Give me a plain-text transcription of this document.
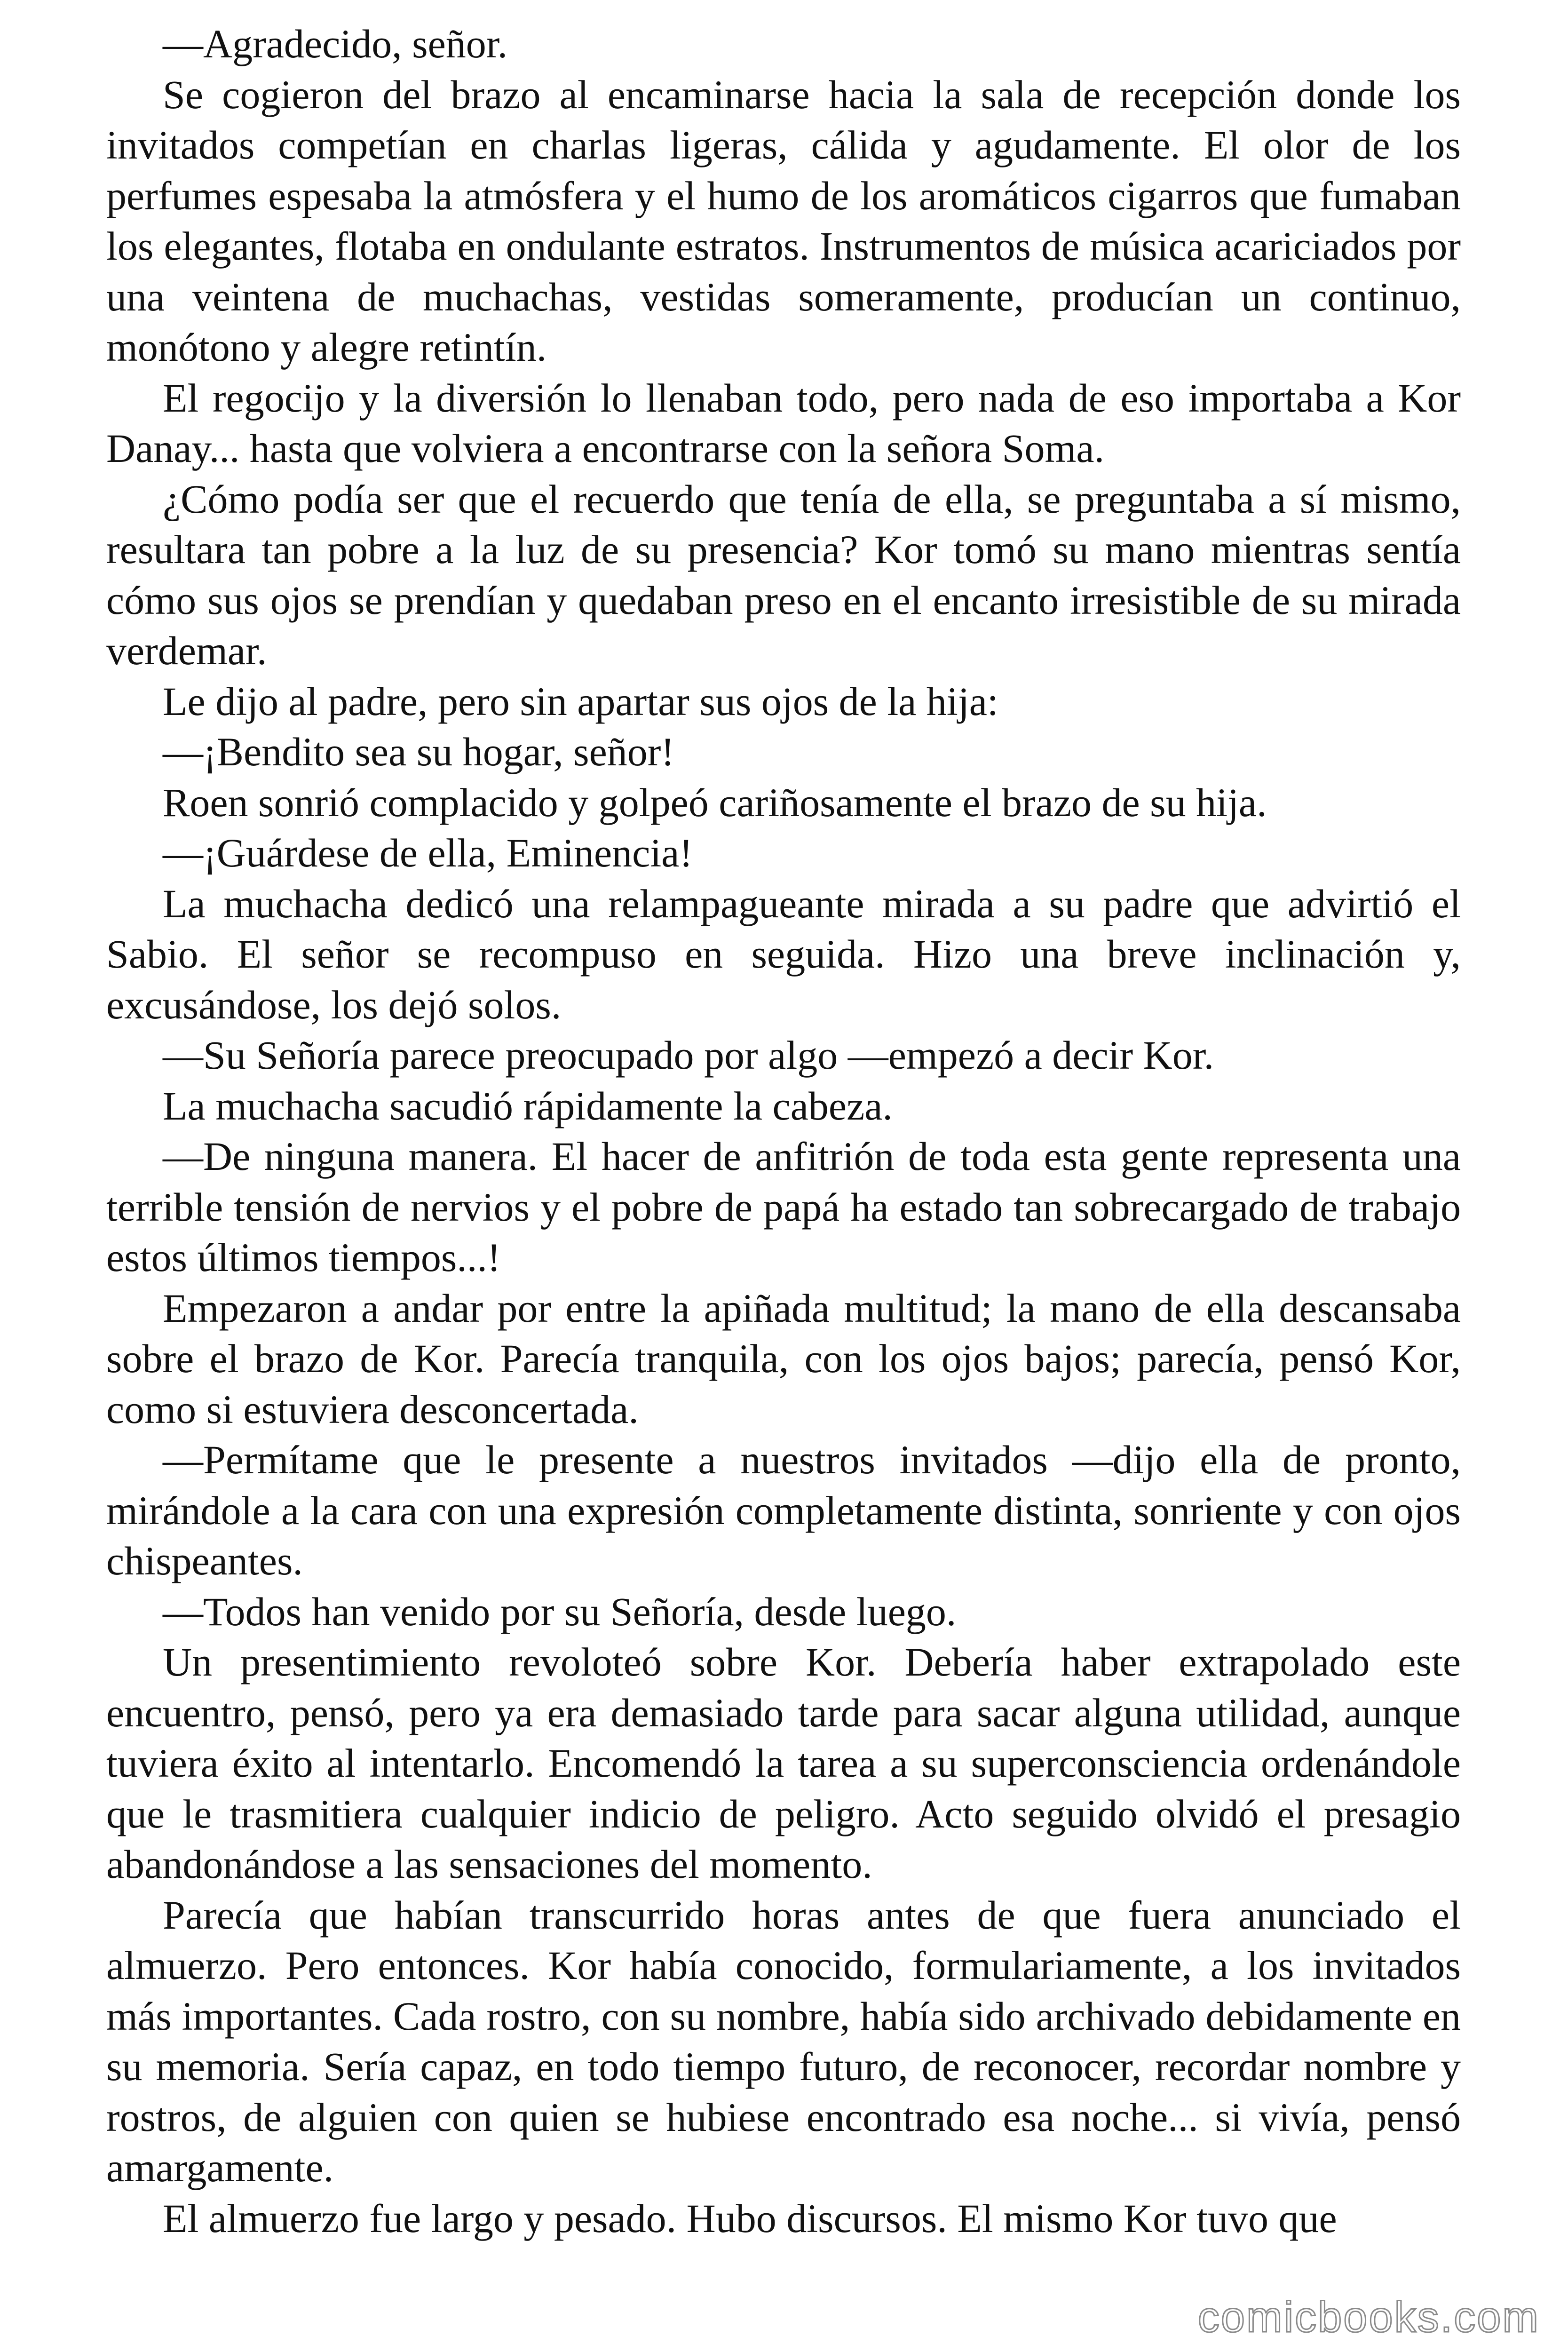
—Agradecido, señor.

Se cogieron del brazo al encaminarse hacia la sala de recepción donde los invitados competían en charlas ligeras, cálida y agudamente. El olor de los perfumes espesaba la atmósfera y el humo de los aromáticos cigarros que fumaban los elegantes, flotaba en ondulante estratos. Instrumentos de música acariciados por una veintena de muchachas, vestidas someramente, producían un continuo, monótono y alegre retintín.

El regocijo y la diversión lo llenaban todo, pero nada de eso importaba a Kor Danay... hasta que volviera a encontrarse con la señora Soma.

¿Cómo podía ser que el recuerdo que tenía de ella, se preguntaba a sí mismo, resultara tan pobre a la luz de su presencia? Kor tomó su mano mientras sentía cómo sus ojos se prendían y quedaban preso en el encanto irresistible de su mirada verdemar.

Le dijo al padre, pero sin apartar sus ojos de la hija:

—¡Bendito sea su hogar, señor!

Roen sonrió complacido y golpeó cariñosamente el brazo de su hija.

—¡Guárdese de ella, Eminencia!

La muchacha dedicó una relampagueante mirada a su padre que advirtió el Sabio. El señor se recompuso en seguida. Hizo una breve inclinación y, excusándose, los dejó solos.

—Su Señoría parece preocupado por algo —empezó a decir Kor.

La muchacha sacudió rápidamente la cabeza.

—De ninguna manera. El hacer de anfitrión de toda esta gente representa una terrible tensión de nervios y el pobre de papá ha estado tan sobrecargado de trabajo estos últimos tiempos...!

Empezaron a andar por entre la apiñada multitud; la mano de ella descansaba sobre el brazo de Kor. Parecía tranquila, con los ojos bajos; parecía, pensó Kor, como si estuviera desconcertada.

—Permítame que le presente a nuestros invitados —dijo ella de pronto, mirándole a la cara con una expresión completamente distinta, sonriente y con ojos chispeantes.

—Todos han venido por su Señoría, desde luego.

Un presentimiento revoloteó sobre Kor. Debería haber extrapolado este encuentro, pensó, pero ya era demasiado tarde para sacar alguna utilidad, aunque tuviera éxito al intentarlo. Encomendó la tarea a su superconsciencia ordenándole que le trasmitiera cualquier indicio de peligro. Acto seguido olvidó el presagio abandonándose a las sensaciones del momento.

Parecía que habían transcurrido horas antes de que fuera anunciado el almuerzo. Pero entonces. Kor había conocido, formulariamente, a los invitados más importantes. Cada rostro, con su nombre, había sido archivado debidamente en su memoria. Sería capaz, en todo tiempo futuro, de reconocer, recordar nombre y rostros, de alguien con quien se hubiese encontrado esa noche... si vivía, pensó amargamente.

El almuerzo fue largo y pesado. Hubo discursos. El mismo Kor tuvo que

comicbooks.com
